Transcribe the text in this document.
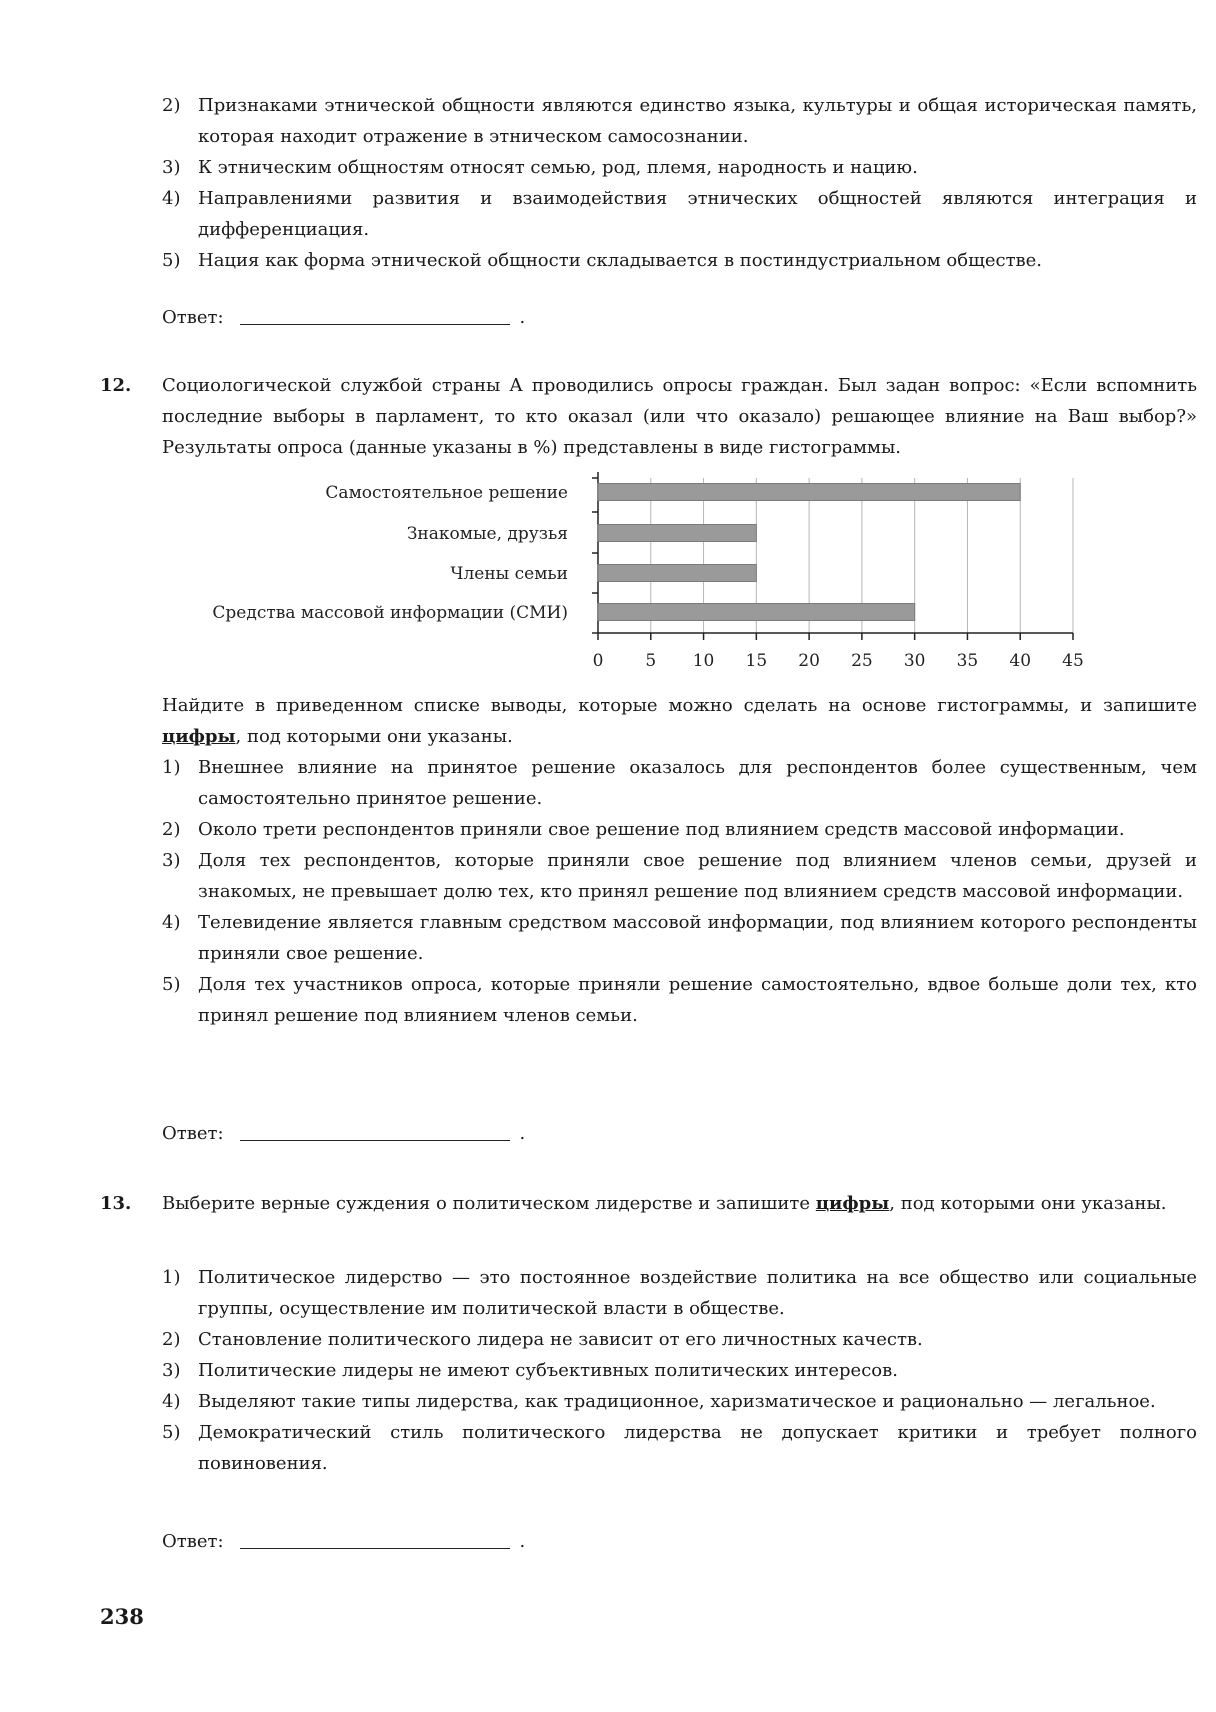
2) Признаками этнической общности являются единство языка, культуры и общая историческая память, которая находит отражение в этническом самосознании.
3) К этническим общностям относят семью, род, племя, народность и нацию.
4) Направлениями развития и взаимодействия этнических общностей являются интеграция и дифференциация.
5) Нация как форма этнической общности складывается в постиндустриальном обществе.
Ответ:	.
12. Социологической службой страны А проводились опросы граждан. Был задан вопрос: «Если вспомнить последние выборы в парламент, то кто оказал (или что оказало) решающее влияние на Ваш выбор?» Результаты опроса (данные указаны в %) представлены в виде гистограммы.
0 5 10 15 20 25 30 35 40 45
Самостоятельное решение
Знакомые, друзья
Члены семьи
Средства массовой информации (СМИ)
Найдите в приведенном списке выводы, которые можно сделать на основе гистограммы, и запишите цифры, под которыми они указаны.
1) Внешнее влияние на принятое решение оказалось для респондентов более существенным, чем самостоятельно принятое решение.
2) Около трети респондентов приняли свое решение под влиянием средств массовой информации.
3) Доля тех респондентов, которые приняли свое решение под влиянием членов семьи, друзей и знакомых, не превышает долю тех, кто принял решение под влиянием средств массовой информации.
4) Телевидение является главным средством массовой информации, под влиянием которого респонденты приняли свое решение.
5) Доля тех участников опроса, которые приняли решение самостоятельно, вдвое больше доли тех, кто принял решение под влиянием членов семьи.
Ответ:	.
13. Выберите верные суждения о политическом лидерстве и запишите цифры, под которыми они указаны.
1) Политическое лидерство — это постоянное воздействие политика на все общество или социальные группы, осуществление им политической власти в обществе.
2) Становление политического лидера не зависит от его личностных качеств.
3) Политические лидеры не имеют субъективных политических интересов.
4) Выделяют такие типы лидерства, как традиционное, харизматическое и рационально — легальное.
5) Демократический стиль политического лидерства не допускает критики и требует полного повиновения.
Ответ:	.
238
